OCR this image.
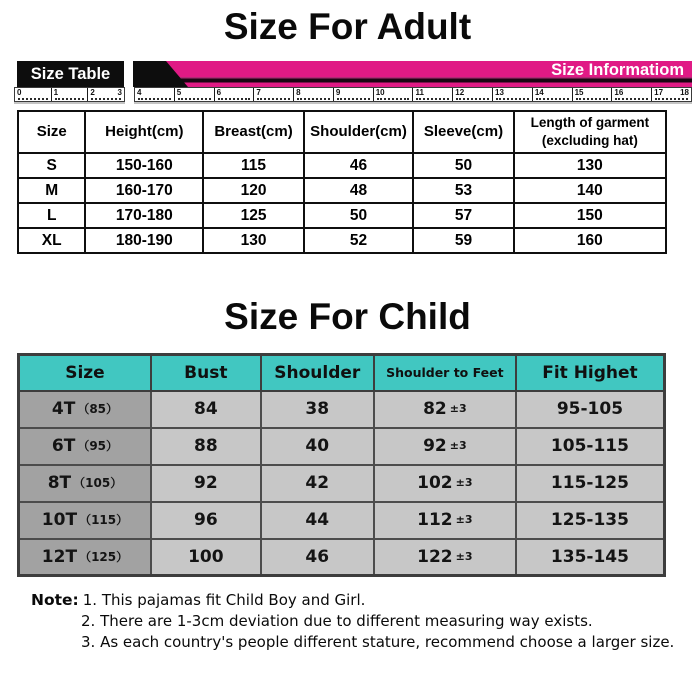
Size For Adult
Size Table	Size Informatiom
0	1	2	3 4	5	6	7	8	9	10	11	12	13	14	15	16	17 18
Size	Height(cm)	Breast(cm)	Shoulder(cm)	Sleeve(cm)	Length of garment (excluding hat)
S	150-160	115	46	50	130
M	160-170	120	48	53	140
L	170-180	125	50	57	150
XL	180-190	130	52	59	160
Size For Child
Size	Bust	Shoulder	Shoulder to Feet	Fit Highet
4T （85）	84	38	82 ±3	95-105
6T （95）	88	40	92 ±3	105-115
8T （105）	92	42	102 ±3	115-125
10T （115）	96	44	112 ±3	125-135
12T （125）	100	46	122 ±3	135-145
Note: 1. This pajamas fit Child Boy and Girl.
2. There are 1-3cm deviation due to different measuring way exists.
3. As each country's people different stature, recommend choose a larger size.
